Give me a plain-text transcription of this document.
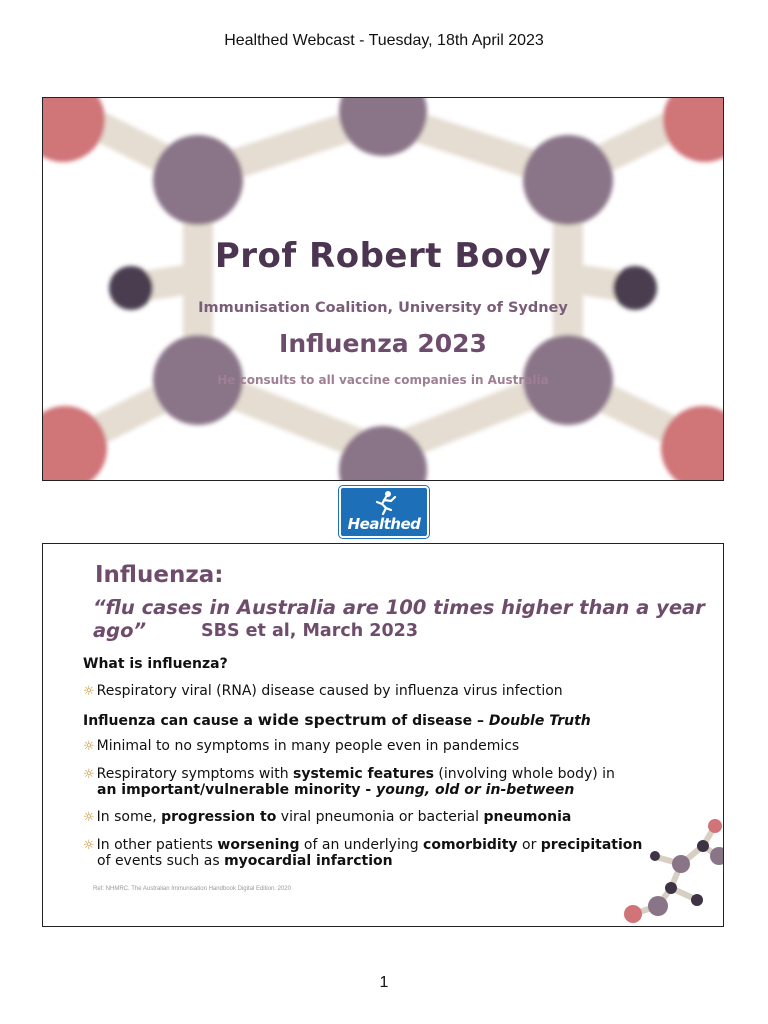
Healthed Webcast - Tuesday, 18th April 2023
Prof Robert Booy
Immunisation Coalition, University of Sydney
Influenza 2023
He consults to all vaccine companies in Australia
Healthed
Influenza:
“flu cases in Australia are 100 times higher than a year ago”	SBS et al, March 2023
What is influenza?
☼ Respiratory viral (RNA) disease caused by influenza virus infection
Influenza can cause a wide spectrum of disease – Double Truth
☼ Minimal to no symptoms in many people even in pandemics
☼ Respiratory symptoms with systemic features (involving whole body) in
an important/vulnerable minority - young, old or in-between
☼ In some, progression to viral pneumonia or bacterial pneumonia
☼ In other patients worsening of an underlying comorbidity or precipitation
of events such as myocardial infarction
Ref: NHMRC. The Australian Immunisation Handbook Digital Edition. 2020
1
